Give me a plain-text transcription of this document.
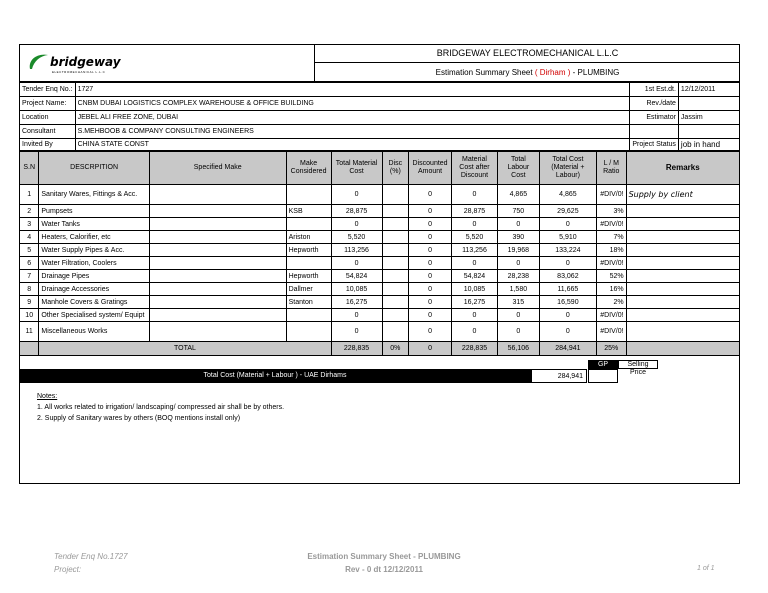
bridgeway
ELECTROMECHANICAL L.L.C
BRIDGEWAY ELECTROMECHANICAL L.L.C
Estimation Summary Sheet ( Dirham ) - PLUMBING
Tender Enq No.:	1727	1st Est.dt.	12/12/2011
Project Name:	CNBM DUBAI LOGISTICS COMPLEX WAREHOUSE & OFFICE BUILDING	Rev./date	
Location	JEBEL ALI FREE ZONE, DUBAI	Estimator	Jassim
Consultant	S.MEHBOOB & COMPANY CONSULTING ENGINEERS		
Invited By	CHINA STATE CONST	Project Status	job in hand
S.N	DESCRPITION	Specified Make	Make Considered	Total Material Cost	Disc (%)	Discounted Amount	Material Cost after Discount	Total Labour Cost	Total Cost (Material + Labour)	L / M Ratio	Remarks
1	Sanitary Wares, Fittings & Acc.			0		0	0	4,865	4,865	#DIV/0!	Supply by client
2	Pumpsets		KSB	28,875		0	28,875	750	29,625	3%	
3	Water Tanks			0		0	0	0	0	#DIV/0!	
4	Heaters, Calorifier, etc		Ariston	5,520		0	5,520	390	5,910	7%	
5	Water Supply Pipes & Acc.		Hepworth	113,256		0	113,256	19,968	133,224	18%	
6	Water Filtration, Coolers			0		0	0	0	0	#DIV/0!	
7	Drainage Pipes		Hepworth	54,824		0	54,824	28,238	83,062	52%	
8	Drainage Accessories		Dallmer	10,085		0	10,085	1,580	11,665	16%	
9	Manhole Covers & Gratings		Stanton	16,275		0	16,275	315	16,590	2%	
10	Other Specialised system/ Equipt			0		0	0	0	0	#DIV/0!	
11	Miscellaneous Works			0		0	0	0	0	#DIV/0!	
	TOTAL			228,835	0%	0	228,835	56,106	284,941	25%	
GP	Selling Price
Total Cost (Material + Labour ) - UAE Dirhams	284,941
Notes:
1. All works related to irrigation/ landscaping/ compressed air shall be by others.
2. Supply of Sanitary wares by others (BOQ mentions install only)
Tender Enq No.1727
Project:
Estimation Summary Sheet - PLUMBING
Rev - 0 dt 12/12/2011	1 of 1
